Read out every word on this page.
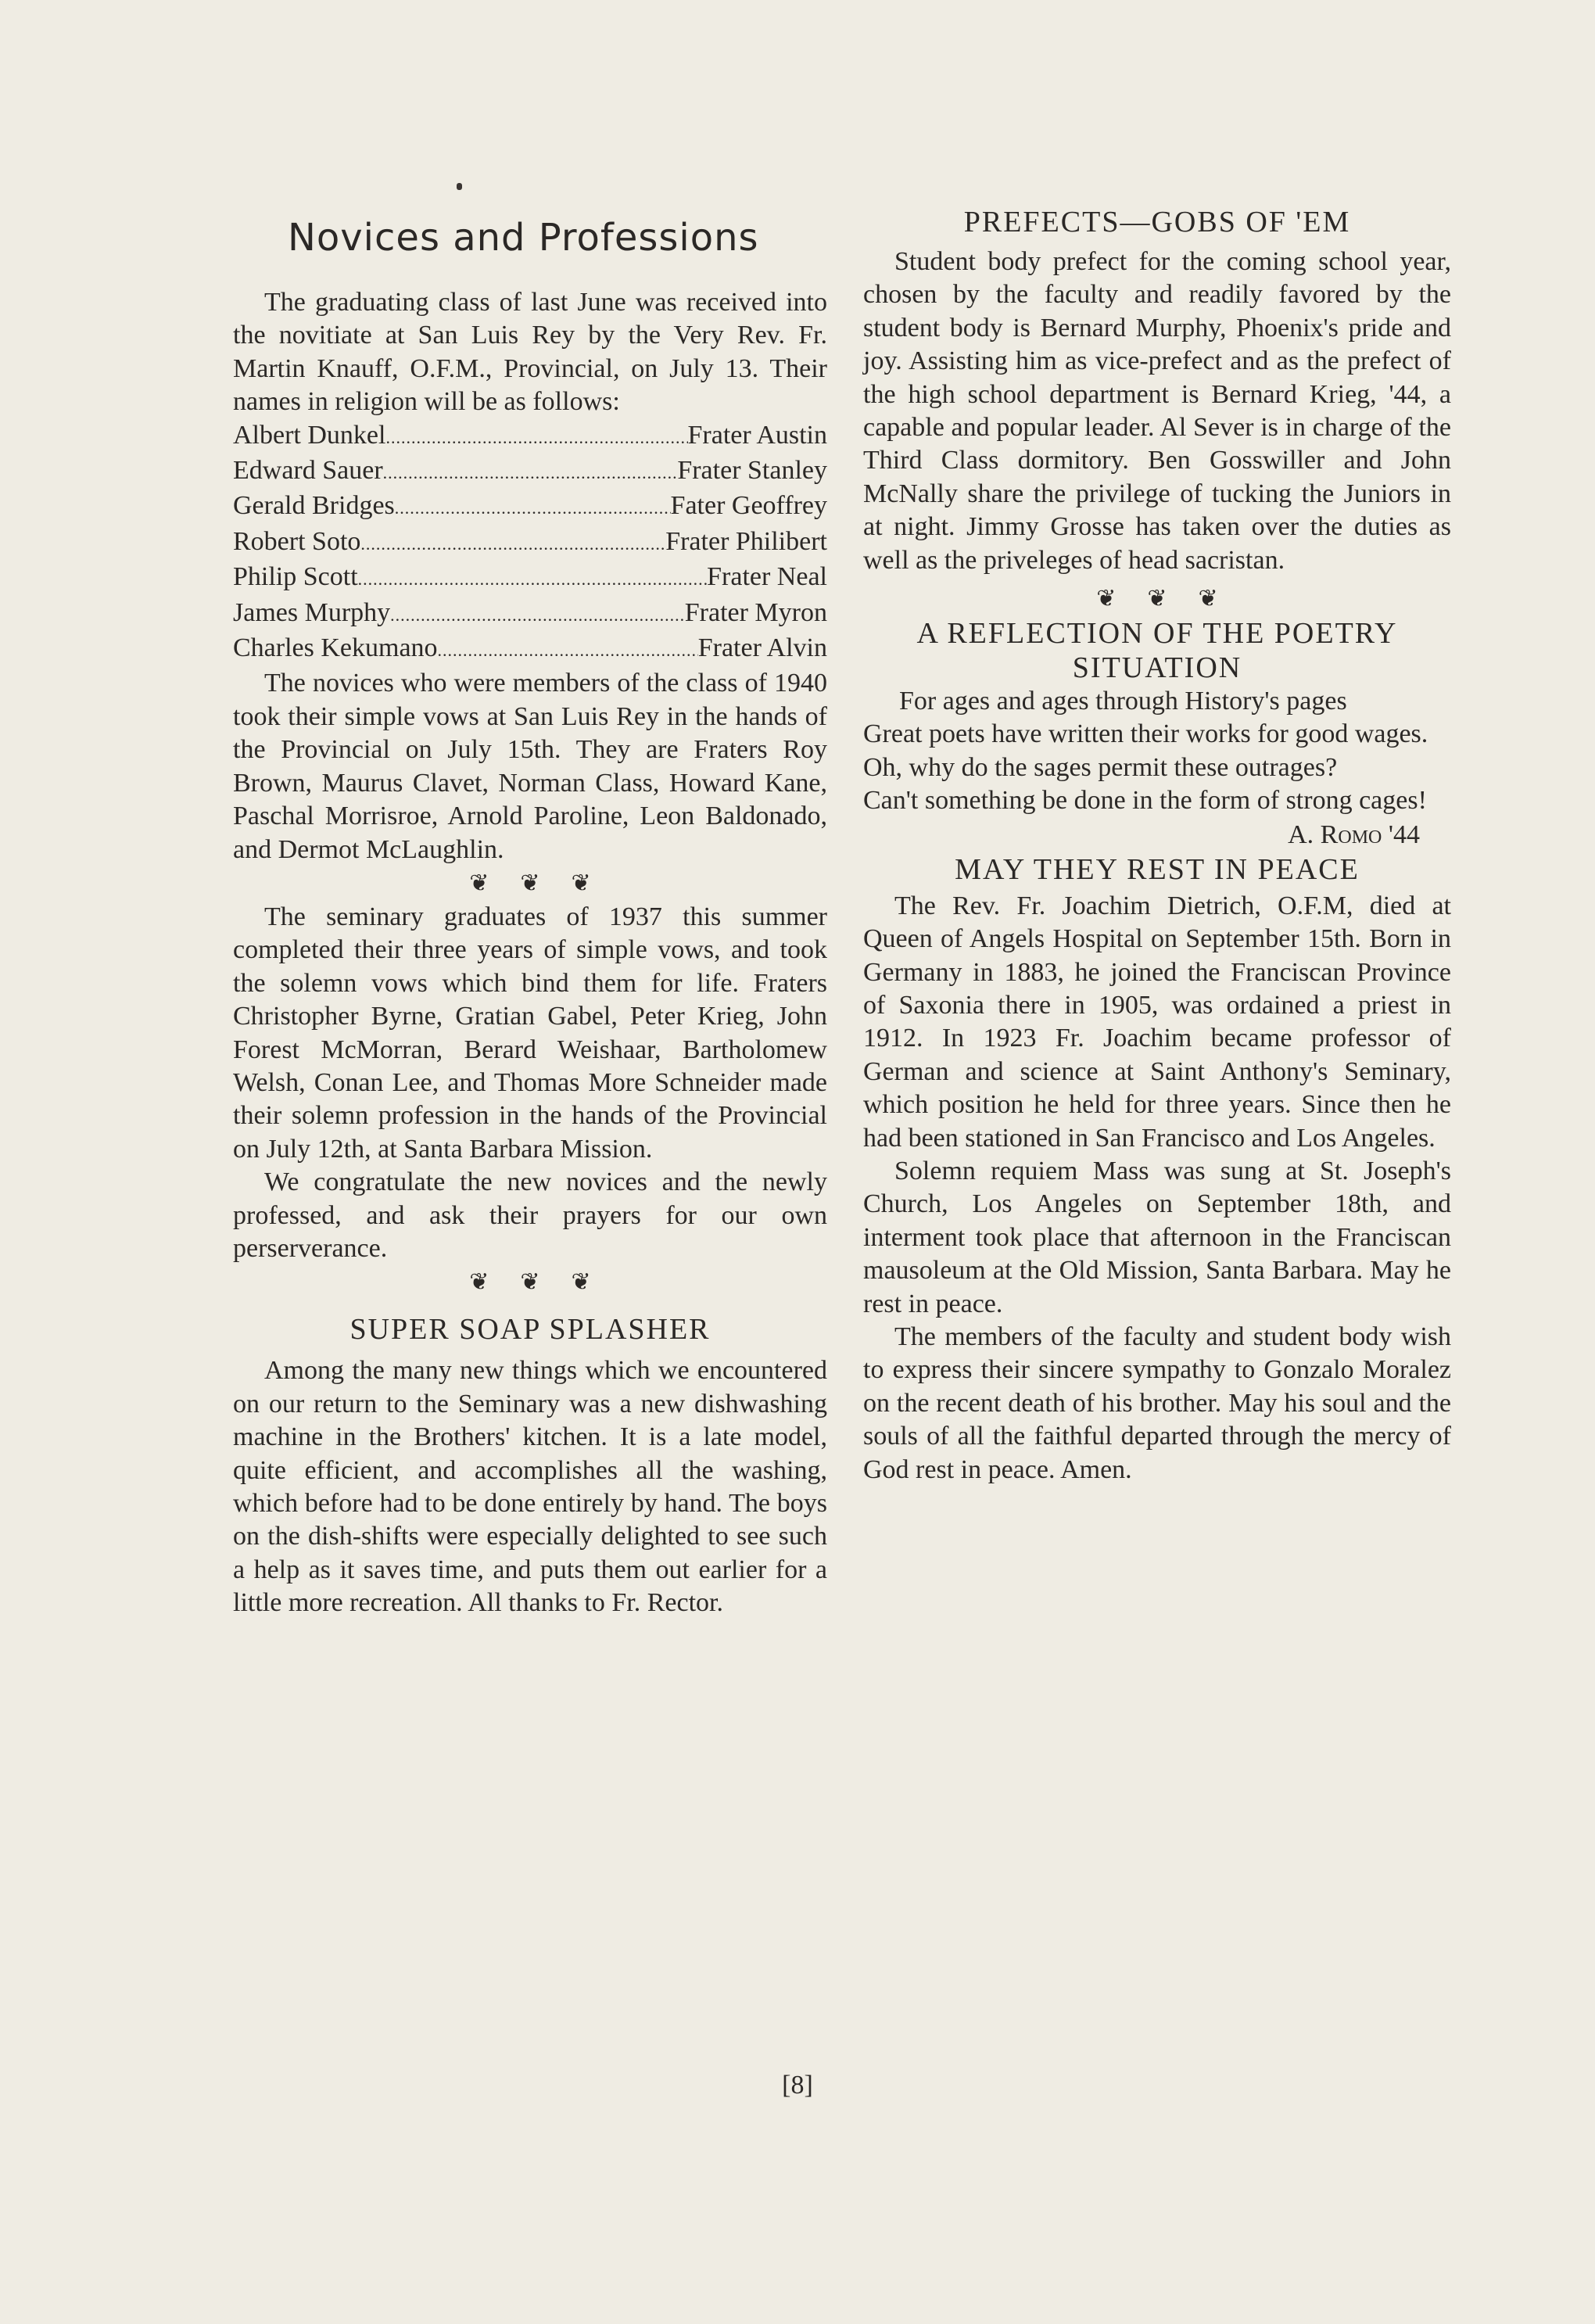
Novices and Professions

The graduating class of last June was received into the novitiate at San Luis Rey by the Very Rev. Fr. Martin Knauff, O.F.M., Provincial, on July 13. Their names in religion will be as follows:

Albert Dunkel .....	Frater Austin
Edward Sauer .....	Frater Stanley
Gerald Bridges .....	Fater Geoffrey
Robert Soto .....	Frater Philibert
Philip Scott .....	Frater Neal
James Murphy .....	Frater Myron
Charles Kekumano .....	Frater Alvin

The novices who were members of the class of 1940 took their simple vows at San Luis Rey in the hands of the Provincial on July 15th. They are Fraters Roy Brown, Maurus Clavet, Norman Class, Howard Kane, Paschal Morrisroe, Arnold Paroline, Leon Baldonado, and Dermot McLaughlin.

❦❦❦

The seminary graduates of 1937 this summer completed their three years of simple vows, and took the solemn vows which bind them for life. Fraters Christopher Byrne, Gratian Gabel, Peter Krieg, John Forest McMorran, Berard Weishaar, Bartholomew Welsh, Conan Lee, and Thomas More Schneider made their solemn profession in the hands of the Provincial on July 12th, at Santa Barbara Mission.

We congratulate the new novices and the newly professed, and ask their prayers for our own perserverance.

❦❦❦
SUPER SOAP SPLASHER

Among the many new things which we encountered on our return to the Seminary was a new dishwashing machine in the Brothers' kitchen. It is a late model, quite efficient, and accomplishes all the washing, which before had to be done entirely by hand. The boys on the dish-shifts were especially delighted to see such a help as it saves time, and puts them out earlier for a little more recreation. All thanks to Fr. Rector.

PREFECTS—GOBS OF 'EM

Student body prefect for the coming school year, chosen by the faculty and readily favored by the student body is Bernard Murphy, Phoenix's pride and joy. Assisting him as vice-prefect and as the prefect of the high school department is Bernard Krieg, '44, a capable and popular leader. Al Sever is in charge of the Third Class dormitory. Ben Gosswiller and John McNally share the privilege of tucking the Juniors in at night. Jimmy Grosse has taken over the duties as well as the priveleges of head sacristan.

❦❦❦
A REFLECTION OF THE POETRY SITUATION
For ages and ages through History's pages
Great poets have written their works for good wages.
Oh, why do the sages permit these outrages?
Can't something be done in the form of strong cages!
A. Romo '44
MAY THEY REST IN PEACE

The Rev. Fr. Joachim Dietrich, O.F.M, died at Queen of Angels Hospital on September 15th. Born in Germany in 1883, he joined the Franciscan Province of Saxonia there in 1905, was ordained a priest in 1912. In 1923 Fr. Joachim became professor of German and science at Saint Anthony's Seminary, which position he held for three years. Since then he had been stationed in San Francisco and Los Angeles.

Solemn requiem Mass was sung at St. Joseph's Church, Los Angeles on September 18th, and interment took place that afternoon in the Franciscan mausoleum at the Old Mission, Santa Barbara. May he rest in peace.

The members of the faculty and student body wish to express their sincere sympathy to Gonzalo Moralez on the recent death of his brother. May his soul and the souls of all the faithful departed through the mercy of God rest in peace. Amen.

[8]
